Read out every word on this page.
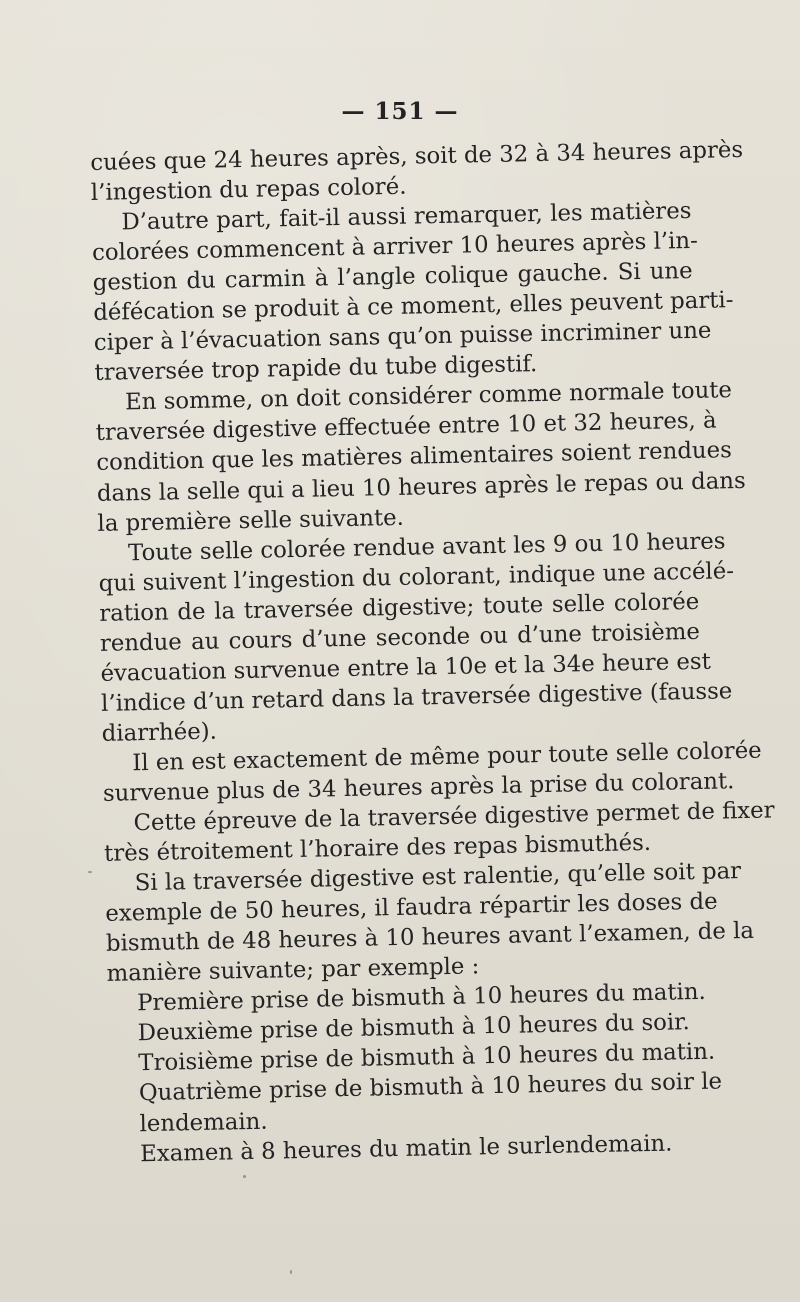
— 151 —
cuées que 24 heures après, soit de 32 à 34 heures après
l’ingestion du repas coloré.
D’autre part, fait-il aussi remarquer, les matières
colorées commencent à arriver 10 heures après l’in-
gestion du carmin à l’angle colique gauche. Si une
défécation se produit à ce moment, elles peuvent parti-
ciper à l’évacuation sans qu’on puisse incriminer une
traversée trop rapide du tube digestif.
En somme, on doit considérer comme normale toute
traversée digestive effectuée entre 10 et 32 heures, à
condition que les matières alimentaires soient rendues
dans la selle qui a lieu 10 heures après le repas ou dans
la première selle suivante.
Toute selle colorée rendue avant les 9 ou 10 heures
qui suivent l’ingestion du colorant, indique une accélé-
ration de la traversée digestive; toute selle colorée
rendue au cours d’une seconde ou d’une troisième
évacuation survenue entre la 10e et la 34e heure est
l’indice d’un retard dans la traversée digestive (fausse
diarrhée).
Il en est exactement de même pour toute selle colorée
survenue plus de 34 heures après la prise du colorant.
Cette épreuve de la traversée digestive permet de fixer
très étroitement l’horaire des repas bismuthés.
Si la traversée digestive est ralentie, qu’elle soit par
exemple de 50 heures, il faudra répartir les doses de
bismuth de 48 heures à 10 heures avant l’examen, de la
manière suivante; par exemple :
Première prise de bismuth à 10 heures du matin.
Deuxième prise de bismuth à 10 heures du soir.
Troisième prise de bismuth à 10 heures du matin.
Quatrième prise de bismuth à 10 heures du soir le
lendemain.
Examen à 8 heures du matin le surlendemain.
